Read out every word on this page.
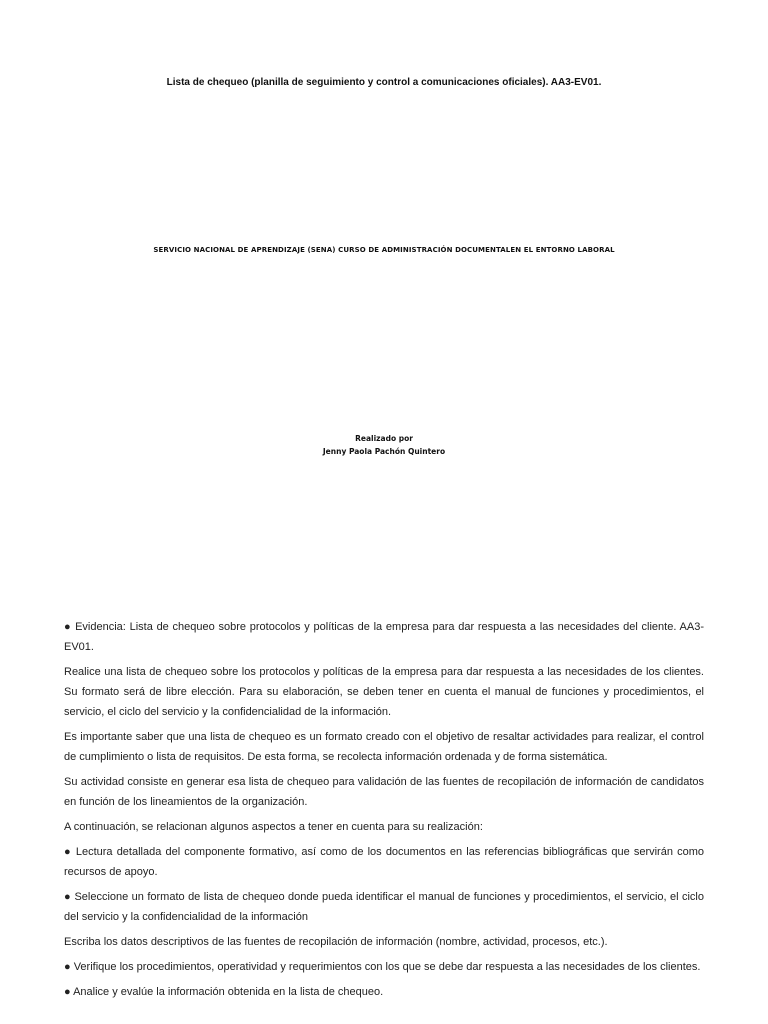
Lista de chequeo (planilla de seguimiento y control a comunicaciones oficiales). AA3-EV01.
SERVICIO NACIONAL DE APRENDIZAJE (SENA) CURSO DE ADMINISTRACIÓN DOCUMENTALEN EL ENTORNO LABORAL
Realizado por
Jenny Paola Pachón Quintero

● Evidencia: Lista de chequeo sobre protocolos y políticas de la empresa para dar respuesta a las necesidades del cliente. AA3-EV01.

Realice una lista de chequeo sobre los protocolos y políticas de la empresa para dar respuesta a las necesidades de los clientes. Su formato será de libre elección. Para su elaboración, se deben tener en cuenta el manual de funciones y procedimientos, el servicio, el ciclo del servicio y la confidencialidad de la información.

Es importante saber que una lista de chequeo es un formato creado con el objetivo de resaltar actividades para realizar, el control de cumplimiento o lista de requisitos. De esta forma, se recolecta información ordenada y de forma sistemática.

Su actividad consiste en generar esa lista de chequeo para validación de las fuentes de recopilación de información de candidatos en función de los lineamientos de la organización.

A continuación, se relacionan algunos aspectos a tener en cuenta para su realización:

● Lectura detallada del componente formativo, así como de los documentos en las referencias bibliográficas que servirán como recursos de apoyo.

● Seleccione un formato de lista de chequeo donde pueda identificar el manual de funciones y procedimientos, el servicio, el ciclo del servicio y la confidencialidad de la información

Escriba los datos descriptivos de las fuentes de recopilación de información (nombre, actividad, procesos, etc.).

● Verifique los procedimientos, operatividad y requerimientos con los que se debe dar respuesta a las necesidades de los clientes.

● Analice y evalúe la información obtenida en la lista de chequeo.
